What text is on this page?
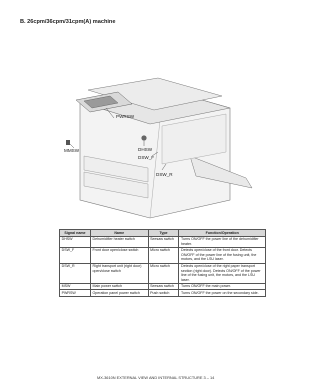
B. 26cpm/36cpm/31cpm(A) machine
PWRSW
MMSW	DHSW
DSW_F
DSW_R
Signal name	Name	Type	Function/Operation
DHSW	Dehumidifier heater switch	Seesaw switch	Turns ON/OFF the power line of the dehumidifier heater.
DSW_F	Front door open/close switch	Micro switch	Detects open/close of the front door. Detects ON/OFF of the power line of the fusing unit, the motors, and the LSU laser.
DSW_R	Right transport unit (right door) open/close switch	Micro switch	Detects open/close of the right paper transport section (right door). Detects ON/OFF of the power line of the fusing unit, the motors, and the LSU laser.
MSW	Main power switch	Seesaw switch	Turns ON/OFF the main power.
PWRSW	Operation panel power switch	Push switch	Turns ON/OFF the power on the secondary side.
MX-3610N EXTERNAL VIEW AND INTERNAL STRUCTURE 3 – 14
